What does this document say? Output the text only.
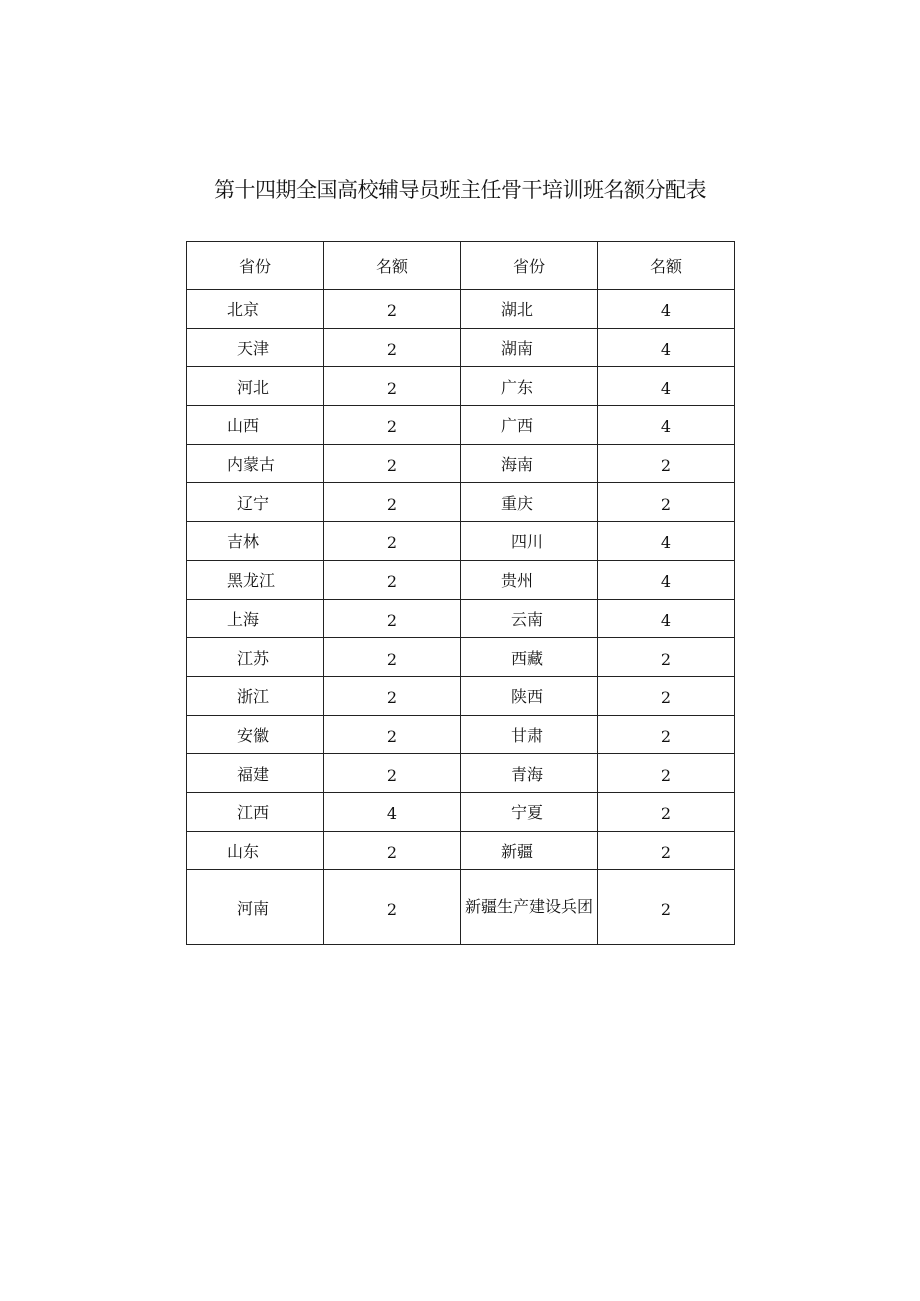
第十四期全国高校辅导员班主任骨干培训班名额分配表
省份	名额	省份	名额
北京	2	湖北	4
天津	2	湖南	4
河北	2	广东	4
山西	2	广西	4
内蒙古	2	海南	2
辽宁	2	重庆	2
吉林	2	四川	4
黑龙江	2	贵州	4
上海	2	云南	4
江苏	2	西藏	2
浙江	2	陕西	2
安徽	2	甘肃	2
福建	2	青海	2
江西	4	宁夏	2
山东	2	新疆	2
河南	2	新疆生产建设兵团	2
